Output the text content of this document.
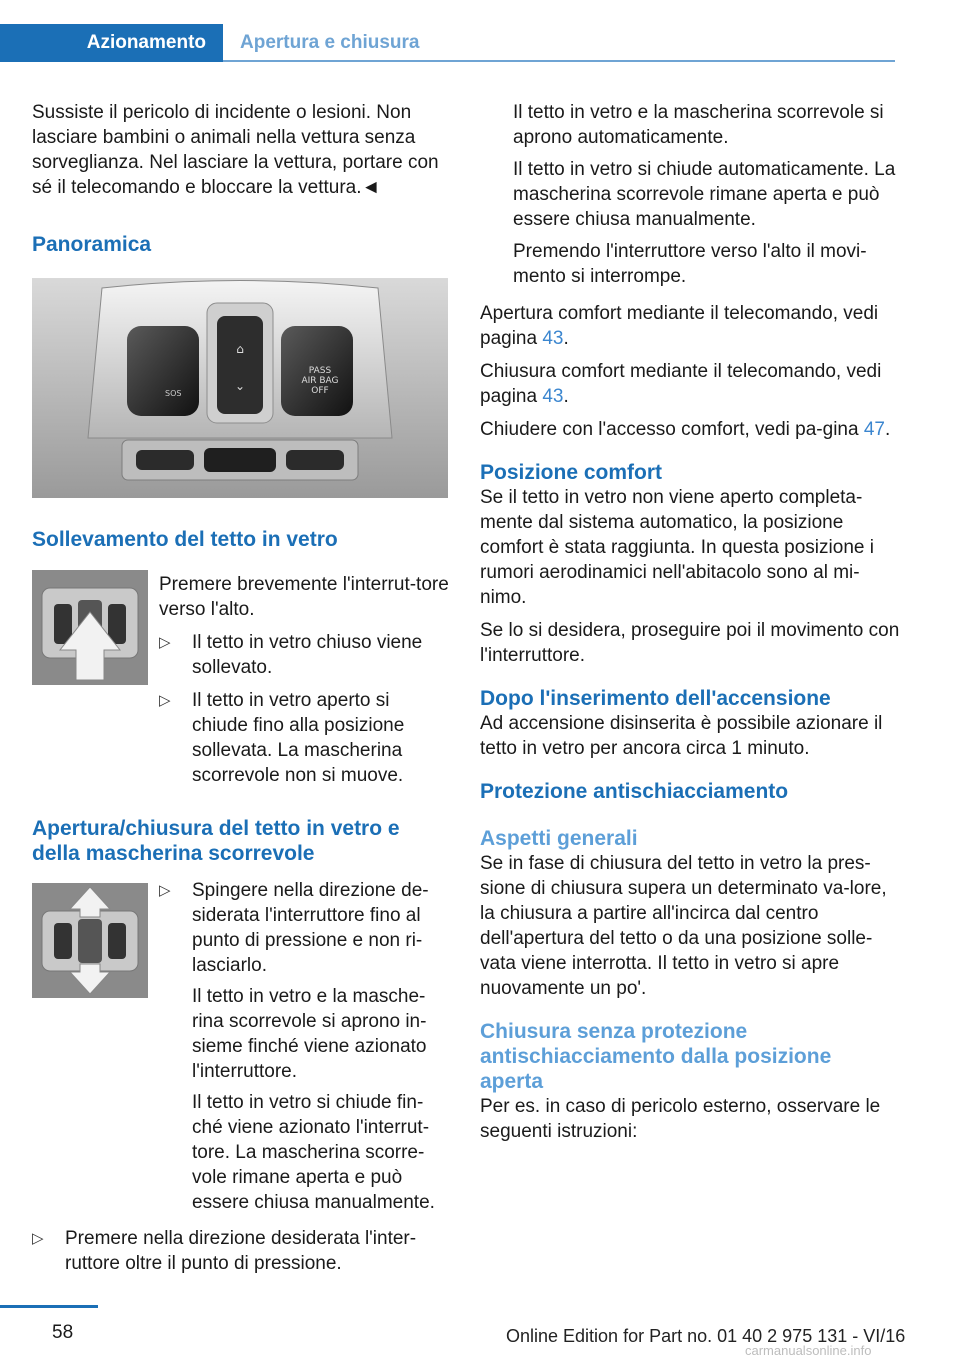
Azionamento Apertura e chiusura

Sussiste il pericolo di incidente o lesioni. Non lasciare bambini o animali nella vettura senza sorveglianza. Nel lasciare la vettura, portare con sé il telecomando e bloccare la vettura.◄

Panoramica
⌂
⌄
SOS
PASS
AIR BAG
OFF
Sollevamento del tetto in vetro

Premere brevemente l'interrut-tore verso l'alto.

▷ Il tetto in vetro chiuso viene sollevato.

▷ Il tetto in vetro aperto si chiude fino alla posizione sollevata. La mascherina scorrevole non si muove.

Apertura/chiusura del tetto in vetro e della mascherina scorrevole
▷ Spingere nella direzione de-siderata l'interruttore fino al punto di pressione e non ri-lasciarlo.

Il tetto in vetro e la masche-rina scorrevole si aprono in-sieme finché viene azionato l'interruttore.

Il tetto in vetro si chiude fin-ché viene azionato l'interrut-tore. La mascherina scorre-vole rimane aperta e può essere chiusa manualmente.

▷ Premere nella direzione desiderata l'inter-ruttore oltre il punto di pressione.

Il tetto in vetro e la mascherina scorrevole si aprono automaticamente.

Il tetto in vetro si chiude automaticamente. La mascherina scorrevole rimane aperta e può essere chiusa manualmente.

Premendo l'interruttore verso l'alto il movi-mento si interrompe.

Apertura comfort mediante il telecomando, vedi pagina 43.

Chiusura comfort mediante il telecomando, vedi pagina 43.

Chiudere con l'accesso comfort, vedi pa-gina 47.

Posizione comfort

Se il tetto in vetro non viene aperto completa-mente dal sistema automatico, la posizione comfort è stata raggiunta. In questa posizione i rumori aerodinamici nell'abitacolo sono al mi-nimo.

Se lo si desidera, proseguire poi il movimento con l'interruttore.

Dopo l'inserimento dell'accensione

Ad accensione disinserita è possibile azionare il tetto in vetro per ancora circa 1 minuto.

Protezione antischiacciamento
Aspetti generali

Se in fase di chiusura del tetto in vetro la pres-sione di chiusura supera un determinato va-lore, la chiusura a partire all'incirca dal centro dell'apertura del tetto o da una posizione solle-vata viene interrotta. Il tetto in vetro si apre nuovamente un po'.

Chiusura senza protezione antischiacciamento dalla posizione aperta

Per es. in caso di pericolo esterno, osservare le seguenti istruzioni:

58	Online Edition for Part no. 01 40 2 975 131 - VI/16
carmanualsonline.info
